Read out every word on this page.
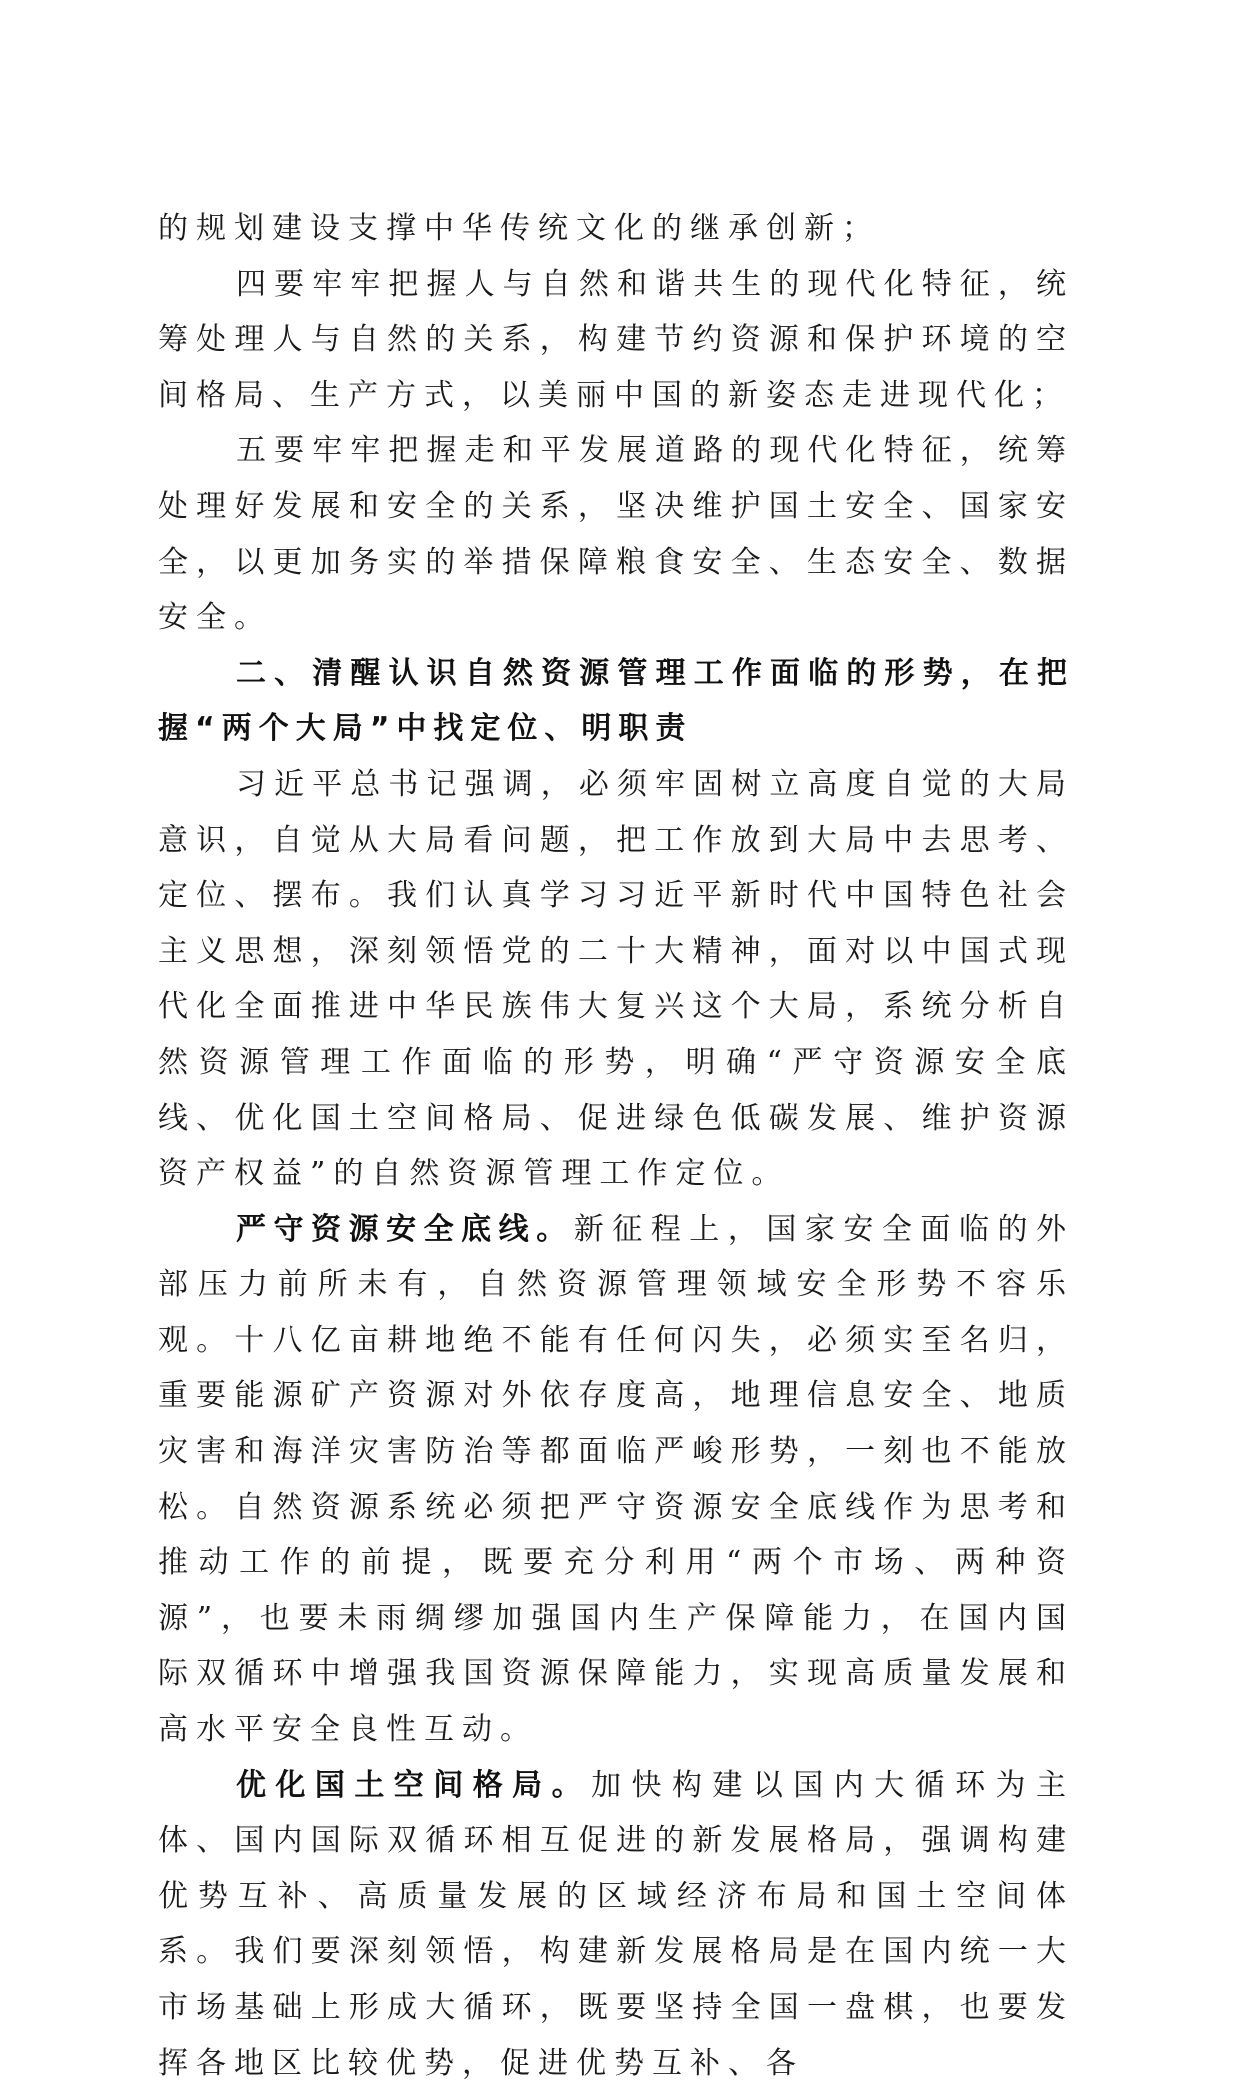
的规划建设支撑中华传统文化的继承创新；

四要牢牢把握人与自然和谐共生的现代化特征，统筹处理人与自然的关系，构建节约资源和保护环境的空间格局、生产方式，以美丽中国的新姿态走进现代化；

五要牢牢把握走和平发展道路的现代化特征，统筹处理好发展和安全的关系，坚决维护国土安全、国家安全，以更加务实的举措保障粮食安全、生态安全、数据安全。

二、清醒认识自然资源管理工作面临的形势，在把握“两个大局”中找定位、明职责

习近平总书记强调，必须牢固树立高度自觉的大局意识，自觉从大局看问题，把工作放到大局中去思考、定位、摆布。我们认真学习习近平新时代中国特色社会主义思想，深刻领悟党的二十大精神，面对以中国式现代化全面推进中华民族伟大复兴这个大局，系统分析自然资源管理工作面临的形势，明确“严守资源安全底线、优化国土空间格局、促进绿色低碳发展、维护资源资产权益”的自然资源管理工作定位。

严守资源安全底线。新征程上，国家安全面临的外部压力前所未有，自然资源管理领域安全形势不容乐观。十八亿亩耕地绝不能有任何闪失，必须实至名归，重要能源矿产资源对外依存度高，地理信息安全、地质灾害和海洋灾害防治等都面临严峻形势，一刻也不能放松。自然资源系统必须把严守资源安全底线作为思考和推动工作的前提，既要充分利用“两个市场、两种资源”，也要未雨绸缪加强国内生产保障能力，在国内国际双循环中增强我国资源保障能力，实现高质量发展和高水平安全良性互动。

优化国土空间格局。加快构建以国内大循环为主体、国内国际双循环相互促进的新发展格局，强调构建优势互补、高质量发展的区域经济布局和国土空间体系。我们要深刻领悟，构建新发展格局是在国内统一大市场基础上形成大循环，既要坚持全国一盘棋，也要发挥各地区比较优势，促进优势互补、各
